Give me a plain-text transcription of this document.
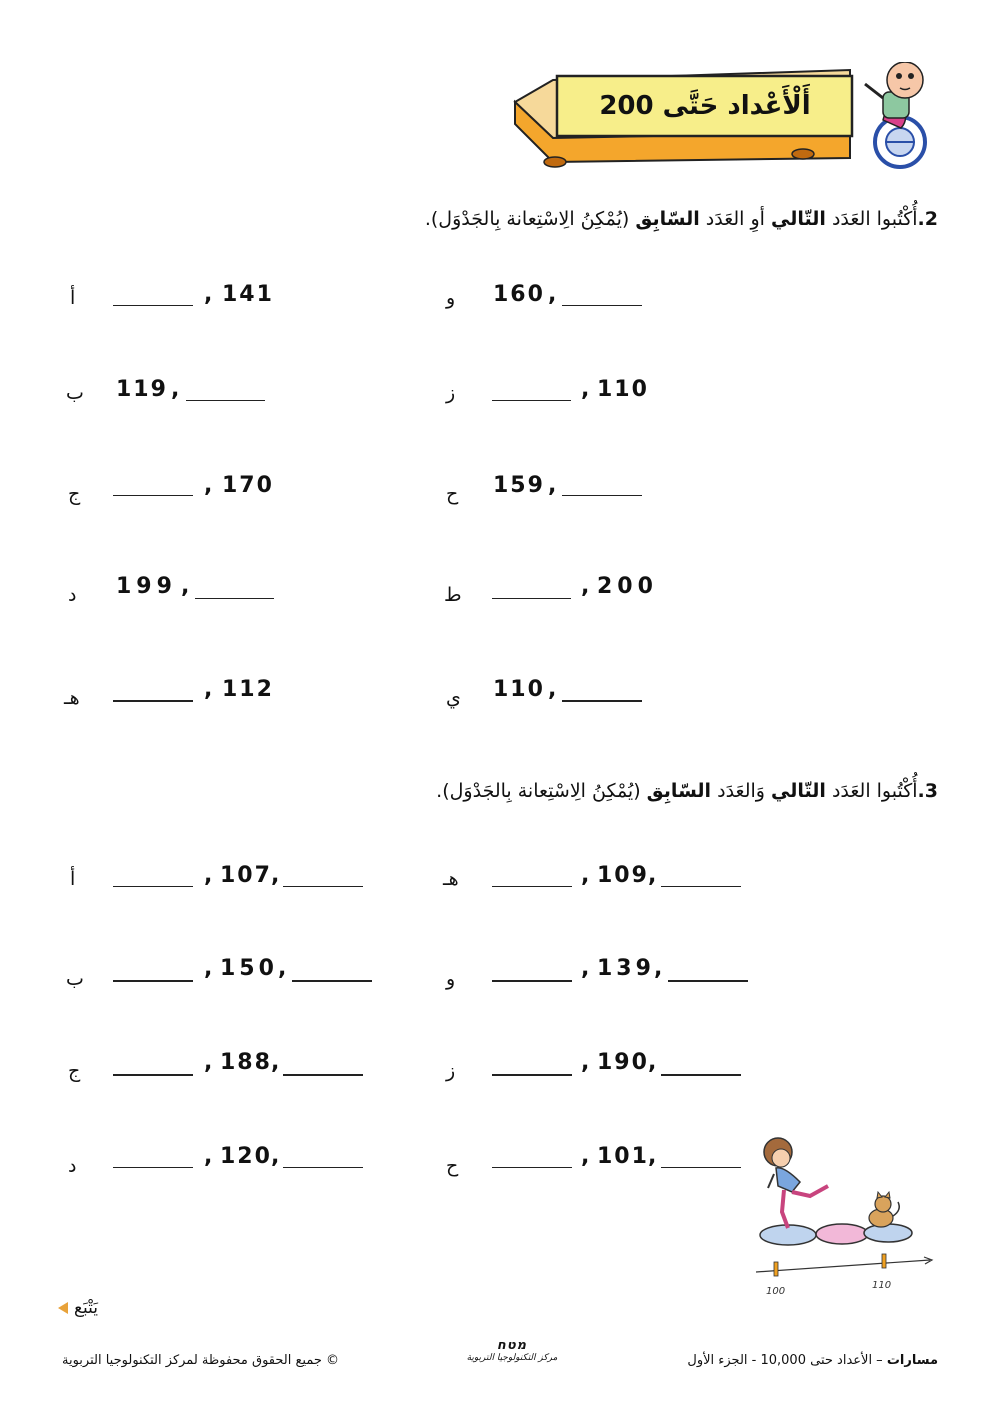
أَلْأَعْداد حَتَّى 200
2.أُكْتُبوا العَدَد التّالي أوِ العَدَد السّابِق (يُمْكِنُ الِاسْتِعانة بِالجَدْوَل).
أ	, 141
ب 119 ,
ج	, 170
د 199 ,
هـ	, 112
و 160 ,
ز	, 110
ح 159 ,
ط	, 200
ي 110 ,
3.أُكْتُبوا العَدَد التّالي وَالعَدَد السّابِق (يُمْكِنُ الِاسْتِعانة بِالجَدْوَل).
أ	, 107 ,
ب	, 150 ,
ج	, 188 ,
د	, 120 ,
هـ	, 109 ,
و	, 139 ,
ز	, 190 ,
ح	, 101 ,
100
110
يَتْبَع
© جميع الحقوق محفوظة لمركز التكنولوجيا التربوية
מטח
مركز التكنولوجيا التربوية	مسارات – الأعداد حتى 10,000 - الجزء الأول
